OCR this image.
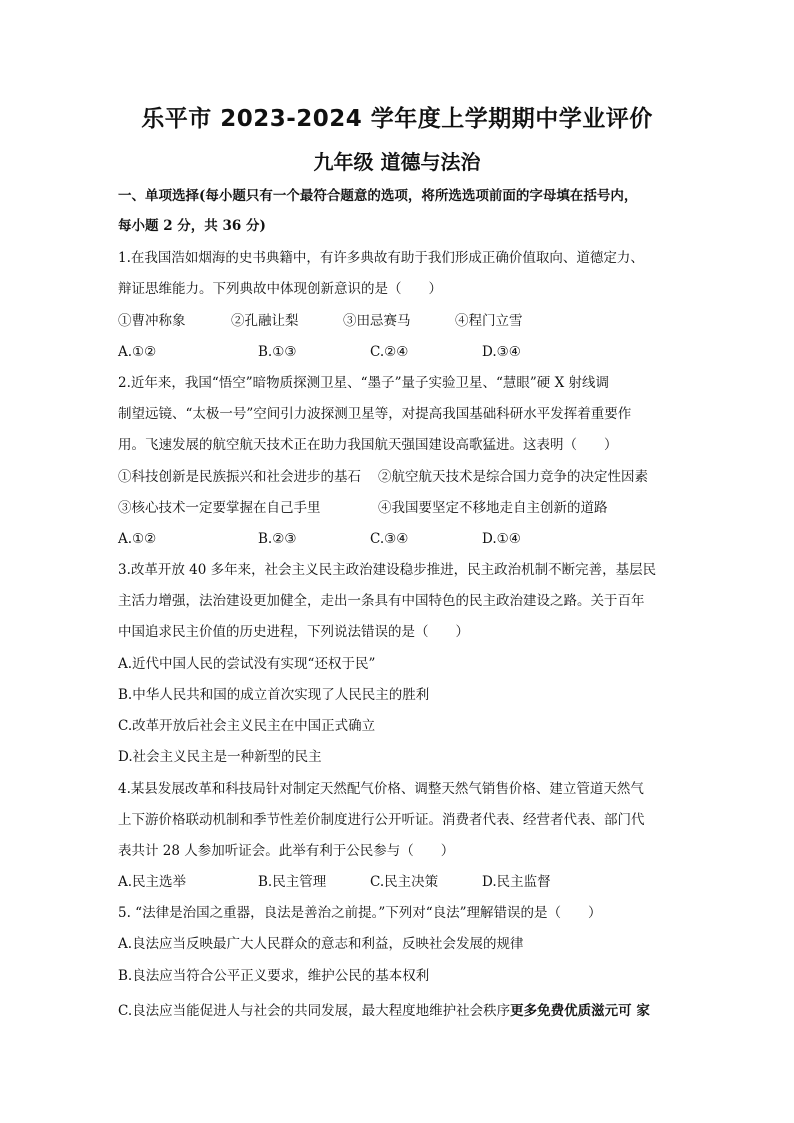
乐平市 2023-2024 学年度上学期期中学业评价
九年级 道德与法治
一、单项选择(每小题只有一个最符合题意的选项，将所选选项前面的字母填在括号内，
每小题 2 分，共 36 分)
1.在我国浩如烟海的史书典籍中，有许多典故有助于我们形成正确价值取向、道德定力、
辩证思维能力。下列典故中体现创新意识的是（　　）
①曹冲称象	②孔融让梨	③田忌赛马	④程门立雪
A.①②	B.①③	C.②④	D.③④
2.近年来，我国“悟空”暗物质探测卫星、“墨子”量子实验卫星、“慧眼”硬 X 射线调
制望远镜、“太极一号”空间引力波探测卫星等，对提高我国基础科研水平发挥着重要作
用。飞速发展的航空航天技术正在助力我国航天强国建设高歌猛进。这表明（　　）
①科技创新是民族振兴和社会进步的基石 ②航空航天技术是综合国力竞争的决定性因素
③核心技术一定要掌握在自己手里	④我国要坚定不移地走自主创新的道路
A.①②	B.②③	C.③④	D.①④
3.改革开放 40 多年来，社会主义民主政治建设稳步推进，民主政治机制不断完善，基层民
主活力增强，法治建设更加健全，走出一条具有中国特色的民主政治建设之路。关于百年
中国追求民主价值的历史进程，下列说法错误的是（　　）
A.近代中国人民的尝试没有实现“还权于民”
B.中华人民共和国的成立首次实现了人民民主的胜利
C.改革开放后社会主义民主在中国正式确立
D.社会主义民主是一种新型的民主
4.某县发展改革和科技局针对制定天然配气价格、调整天然气销售价格、建立管道天然气
上下游价格联动机制和季节性差价制度进行公开听证。消费者代表、经营者代表、部门代
表共计 28 人参加听证会。此举有利于公民参与（　　）
A.民主选举	B.民主管理	C.民主决策	D.民主监督
5. “法律是治国之重器，良法是善治之前提。”下列对“良法”理解错误的是（　　）
A.良法应当反映最广大人民群众的意志和利益，反映社会发展的规律
B.良法应当符合公平正义要求，维护公民的基本权利
C.良法应当能促进人与社会的共同发展，最大程度地维护社会秩序更多免费优质滋元可 家
